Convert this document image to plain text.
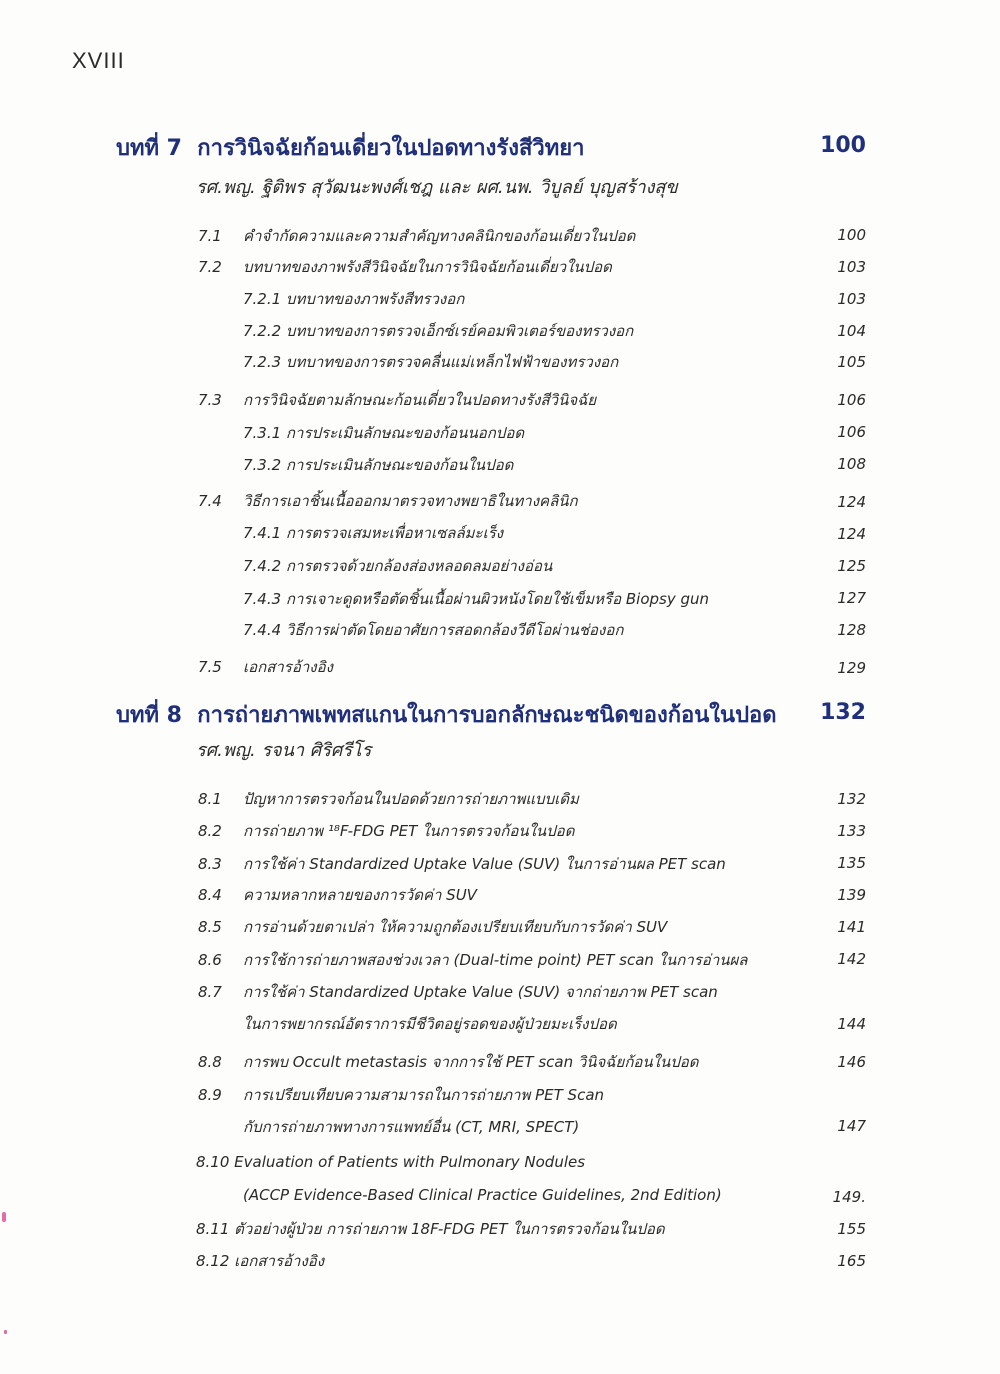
XVIII
บทที่ 7 การวินิจฉัยก้อนเดี่ยวในปอดทางรังสีวิทยา	100
รศ.พญ. ฐิติพร สุวัฒนะพงศ์เชฎ และ ผศ.นพ. วิบูลย์ บุญสร้างสุข
7.1 คำจำกัดความและความสำคัญทางคลินิกของก้อนเดี่ยวในปอด	100
7.2 บทบาทของภาพรังสีวินิจฉัยในการวินิจฉัยก้อนเดี่ยวในปอด	103
7.2.1 บทบาทของภาพรังสีทรวงอก	103
7.2.2 บทบาทของการตรวจเอ็กซ์เรย์คอมพิวเตอร์ของทรวงอก	104
7.2.3 บทบาทของการตรวจคลื่นแม่เหล็กไฟฟ้าของทรวงอก	105
7.3 การวินิจฉัยตามลักษณะก้อนเดี่ยวในปอดทางรังสีวินิจฉัย	106
7.3.1 การประเมินลักษณะของก้อนนอกปอด	106
7.3.2 การประเมินลักษณะของก้อนในปอด	108
7.4 วิธีการเอาชิ้นเนื้อออกมาตรวจทางพยาธิในทางคลินิก	124
7.4.1 การตรวจเสมหะเพื่อหาเซลล์มะเร็ง	124
7.4.2 การตรวจด้วยกล้องส่องหลอดลมอย่างอ่อน	125
7.4.3 การเจาะดูดหรือตัดชิ้นเนื้อผ่านผิวหนังโดยใช้เข็มหรือ Biopsy gun	127
7.4.4 วิธีการผ่าตัดโดยอาศัยการสอดกล้องวีดีโอผ่านช่องอก	128
7.5 เอกสารอ้างอิง	129
บทที่ 8 การถ่ายภาพเพทสแกนในการบอกลักษณะชนิดของก้อนในปอด 132
รศ.พญ. รจนา ศิริศรีโร
8.1 ปัญหาการตรวจก้อนในปอดด้วยการถ่ายภาพแบบเดิม	132
8.2 การถ่ายภาพ ¹⁸F-FDG PET ในการตรวจก้อนในปอด	133
8.3 การใช้ค่า Standardized Uptake Value (SUV) ในการอ่านผล PET scan	135
8.4 ความหลากหลายของการวัดค่า SUV	139
8.5 การอ่านด้วยตาเปล่า ให้ความถูกต้องเปรียบเทียบกับการวัดค่า SUV	141
8.6 การใช้การถ่ายภาพสองช่วงเวลา (Dual-time point) PET scan ในการอ่านผล	142
8.7 การใช้ค่า Standardized Uptake Value (SUV) จากถ่ายภาพ PET scan
ในการพยากรณ์อัตราการมีชีวิตอยู่รอดของผู้ป่วยมะเร็งปอด	144
8.8 การพบ Occult metastasis จากการใช้ PET scan วินิจฉัยก้อนในปอด	146
8.9 การเปรียบเทียบความสามารถในการถ่ายภาพ PET Scan
กับการถ่ายภาพทางการแพทย์อื่น (CT, MRI, SPECT)	147
8.10 Evaluation of Patients with Pulmonary Nodules
(ACCP Evidence-Based Clinical Practice Guidelines, 2nd Edition)	149.
8.11 ตัวอย่างผู้ป่วย การถ่ายภาพ 18F-FDG PET ในการตรวจก้อนในปอด	155
8.12 เอกสารอ้างอิง	165
